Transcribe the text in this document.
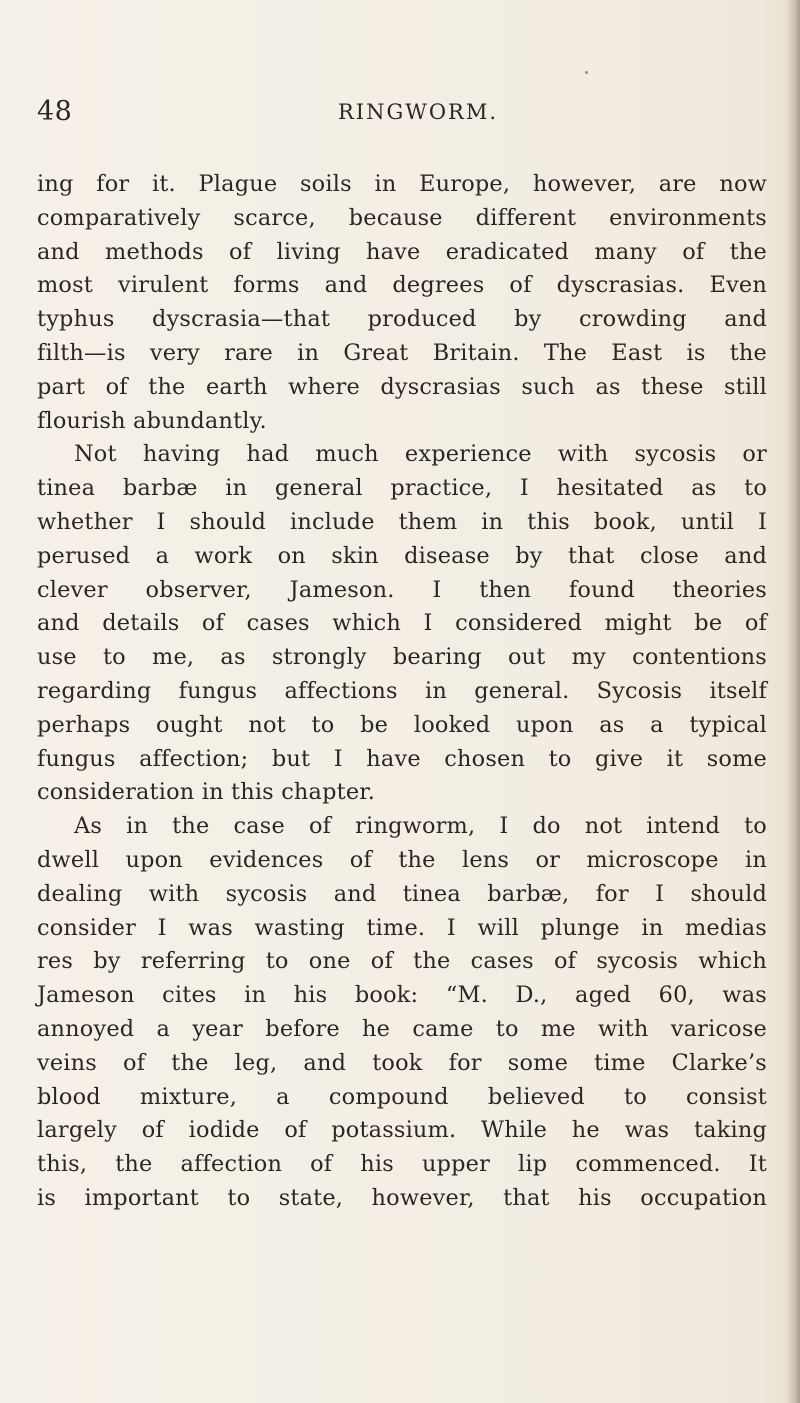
48	RINGWORM.
ing for it. Plague soils in Europe, however, are now
comparatively scarce, because different environments
and methods of living have eradicated many of the
most virulent forms and degrees of dyscrasias. Even
typhus dyscrasia—that produced by crowding and
filth—is very rare in Great Britain. The East is the
part of the earth where dyscrasias such as these still
flourish abundantly.
Not having had much experience with sycosis or
tinea barbæ in general practice, I hesitated as to
whether I should include them in this book, until I
perused a work on skin disease by that close and
clever observer, Jameson. I then found theories
and details of cases which I considered might be of
use to me, as strongly bearing out my contentions
regarding fungus affections in general. Sycosis itself
perhaps ought not to be looked upon as a typical
fungus affection; but I have chosen to give it some
consideration in this chapter.
As in the case of ringworm, I do not intend to
dwell upon evidences of the lens or microscope in
dealing with sycosis and tinea barbæ, for I should
consider I was wasting time. I will plunge in medias
res by referring to one of the cases of sycosis which
Jameson cites in his book: “M. D., aged 60, was
annoyed a year before he came to me with varicose
veins of the leg, and took for some time Clarke’s
blood mixture, a compound believed to consist
largely of iodide of potassium. While he was taking
this, the affection of his upper lip commenced. It
is important to state, however, that his occupation
